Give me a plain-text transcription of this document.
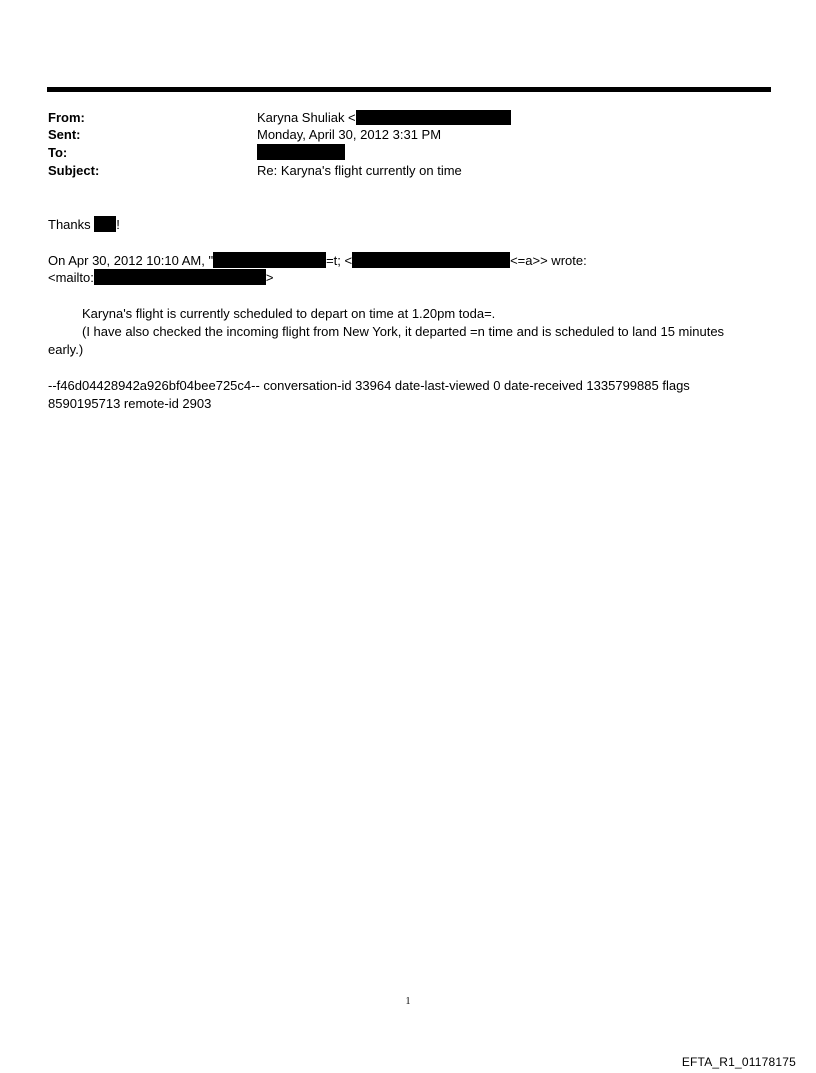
From:	Karyna Shuliak <
Sent:	Monday, April 30, 2012 3:31 PM
To:
Subject:	Re: Karyna's flight currently on time
Thanks !
On Apr 30, 2012 10:10 AM, "	=t; <	<=a>> wrote:
<mailto:	>
Karyna's flight is currently scheduled to depart on time at 1.20pm toda=.
(I have also checked the incoming flight from New York, it departed =n time and is scheduled to land 15 minutes
early.)
--f46d04428942a926bf04bee725c4-- conversation-id 33964 date-last-viewed 0 date-received 1335799885 flags
8590195713 remote-id 2903
1
EFTA_R1_01178175
